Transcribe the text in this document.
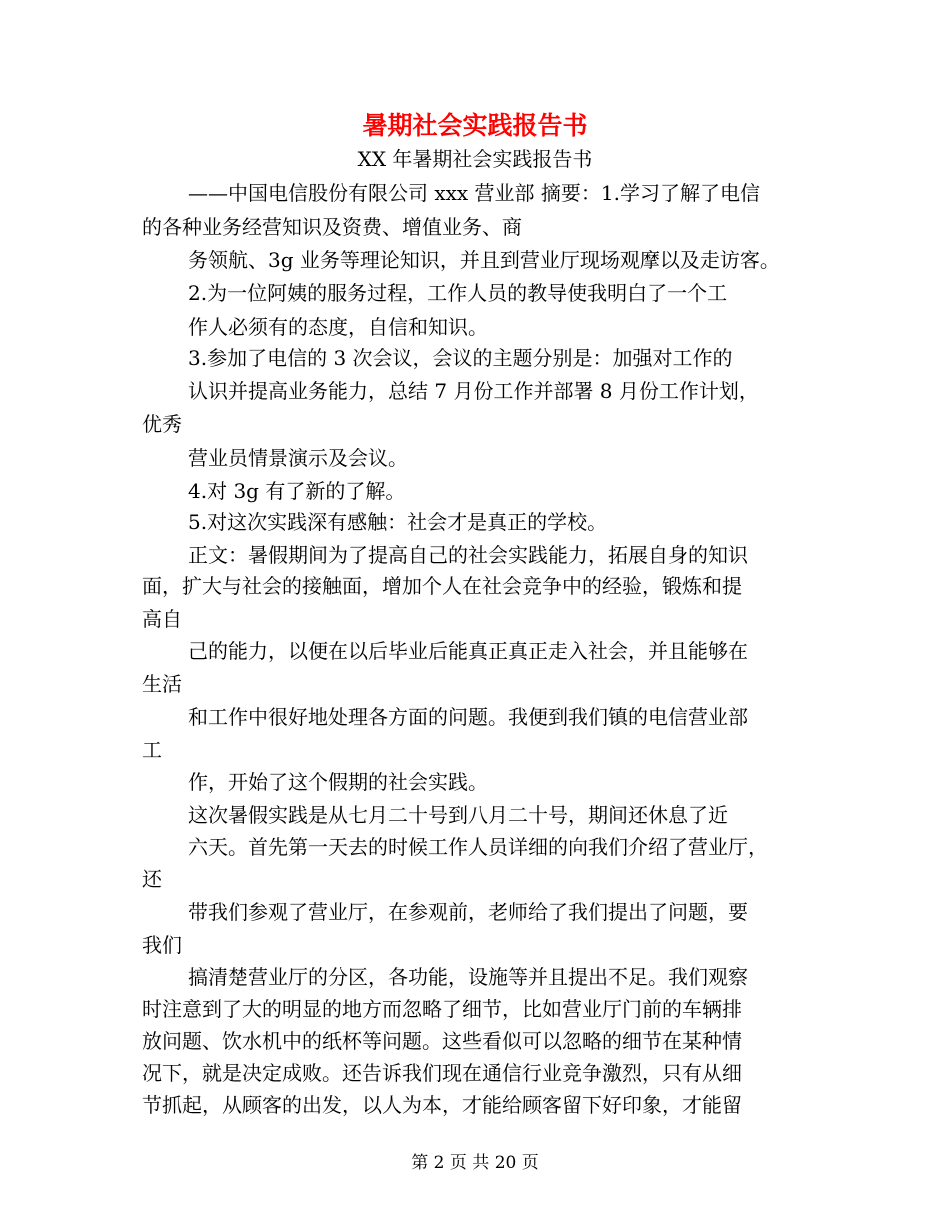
暑期社会实践报告书
XX 年暑期社会实践报告书
——中国电信股份有限公司 xxx 营业部 摘要：1.学习了解了电信
的各种业务经营知识及资费、增值业务、商
务领航、3g 业务等理论知识，并且到营业厅现场观摩以及走访客。
2.为一位阿姨的服务过程，工作人员的教导使我明白了一个工
作人必须有的态度，自信和知识。
3.参加了电信的 3 次会议，会议的主题分别是：加强对工作的
认识并提高业务能力，总结 7 月份工作并部署 8 月份工作计划，
优秀
营业员情景演示及会议。
4.对 3g 有了新的了解。
5.对这次实践深有感触：社会才是真正的学校。
正文：暑假期间为了提高自己的社会实践能力，拓展自身的知识
面，扩大与社会的接触面，增加个人在社会竞争中的经验，锻炼和提
高自
己的能力，以便在以后毕业后能真正真正走入社会，并且能够在
生活
和工作中很好地处理各方面的问题。我便到我们镇的电信营业部
工
作，开始了这个假期的社会实践。
这次暑假实践是从七月二十号到八月二十号，期间还休息了近
六天。首先第一天去的时候工作人员详细的向我们介绍了营业厅，
还
带我们参观了营业厅，在参观前，老师给了我们提出了问题，要
我们
搞清楚营业厅的分区，各功能，设施等并且提出不足。我们观察
时注意到了大的明显的地方而忽略了细节，比如营业厅门前的车辆排
放问题、饮水机中的纸杯等问题。这些看似可以忽略的细节在某种情
况下，就是决定成败。还告诉我们现在通信行业竞争激烈，只有从细
节抓起，从顾客的出发，以人为本，才能给顾客留下好印象，才能留
第 2 页 共 20 页
